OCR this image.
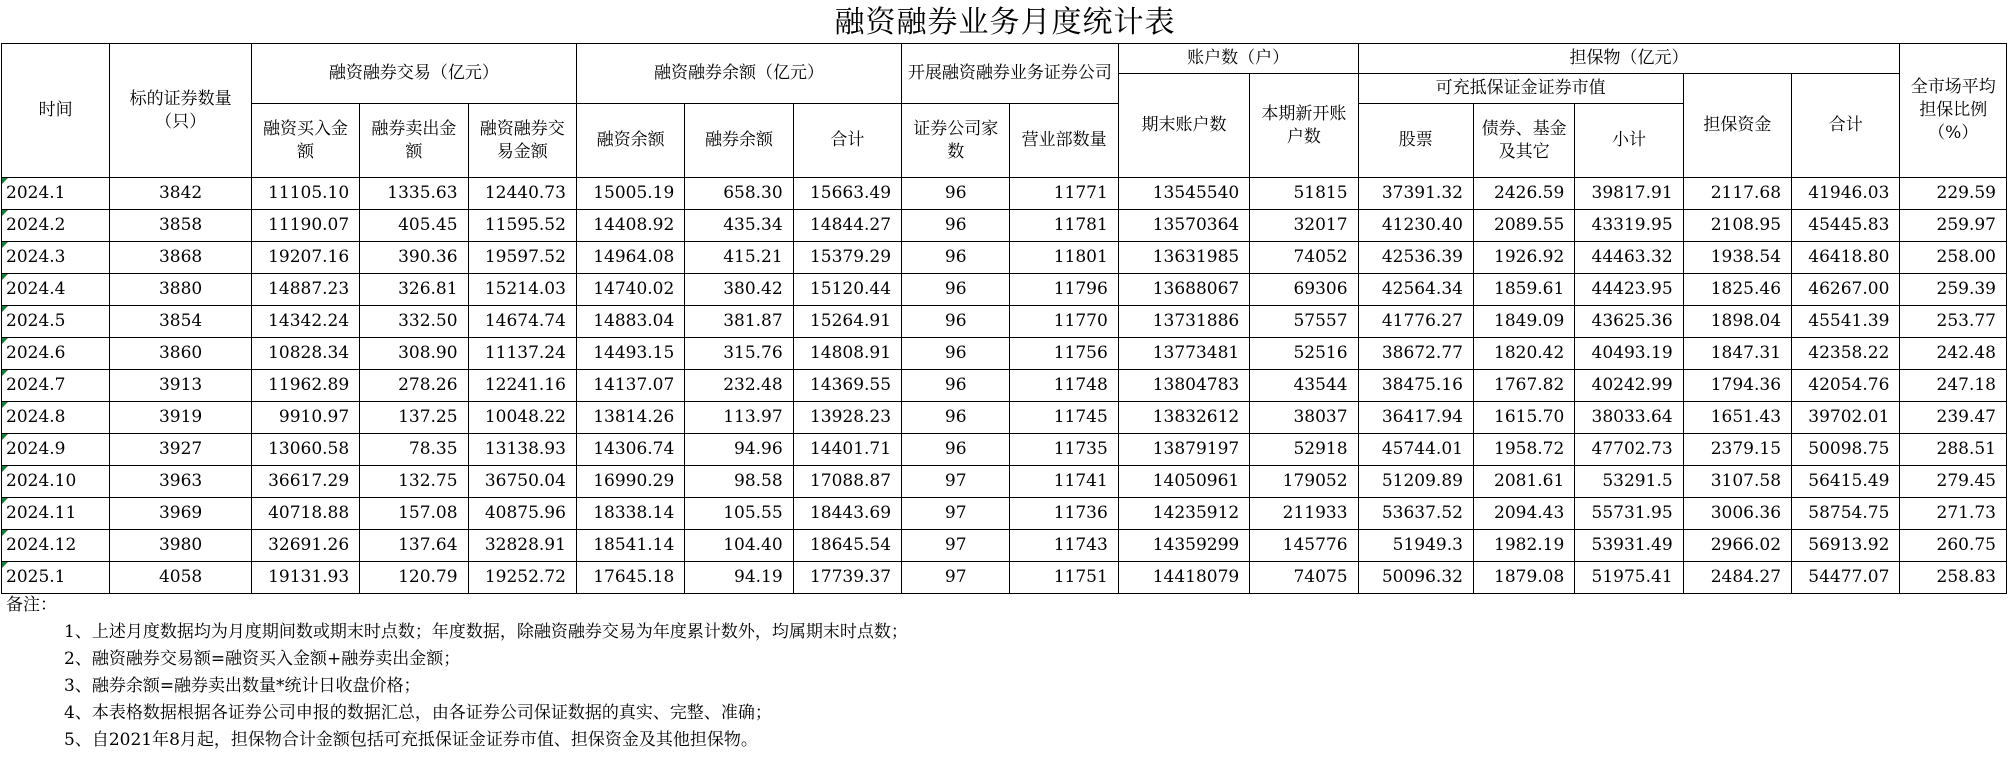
融资融券业务月度统计表
时间	标的证券数量（只）	融资融券交易（亿元）			融资融券余额（亿元）			开展融资融券业务证券公司		账户数（户）		担保物（亿元）					全市场平均担保比例（%）
										期末账户数	本期新开账户数	可充抵保证金证券市值			担保资金	合计	
		融资买入金额	融券卖出金额	融资融券交易金额	融资余额	融券余额	合计	证券公司家数	营业部数量			股票	债券、基金及其它	小计			
2024.1	3842	11105.10	1335.63	12440.73	15005.19	658.30	15663.49	96	11771	13545540	51815	37391.32	2426.59	39817.91	2117.68	41946.03	229.59
2024.2	3858	11190.07	405.45	11595.52	14408.92	435.34	14844.27	96	11781	13570364	32017	41230.40	2089.55	43319.95	2108.95	45445.83	259.97
2024.3	3868	19207.16	390.36	19597.52	14964.08	415.21	15379.29	96	11801	13631985	74052	42536.39	1926.92	44463.32	1938.54	46418.80	258.00
2024.4	3880	14887.23	326.81	15214.03	14740.02	380.42	15120.44	96	11796	13688067	69306	42564.34	1859.61	44423.95	1825.46	46267.00	259.39
2024.5	3854	14342.24	332.50	14674.74	14883.04	381.87	15264.91	96	11770	13731886	57557	41776.27	1849.09	43625.36	1898.04	45541.39	253.77
2024.6	3860	10828.34	308.90	11137.24	14493.15	315.76	14808.91	96	11756	13773481	52516	38672.77	1820.42	40493.19	1847.31	42358.22	242.48
2024.7	3913	11962.89	278.26	12241.16	14137.07	232.48	14369.55	96	11748	13804783	43544	38475.16	1767.82	40242.99	1794.36	42054.76	247.18
2024.8	3919	9910.97	137.25	10048.22	13814.26	113.97	13928.23	96	11745	13832612	38037	36417.94	1615.70	38033.64	1651.43	39702.01	239.47
2024.9	3927	13060.58	78.35	13138.93	14306.74	94.96	14401.71	96	11735	13879197	52918	45744.01	1958.72	47702.73	2379.15	50098.75	288.51
2024.10	3963	36617.29	132.75	36750.04	16990.29	98.58	17088.87	97	11741	14050961	179052	51209.89	2081.61	53291.5	3107.58	56415.49	279.45
2024.11	3969	40718.88	157.08	40875.96	18338.14	105.55	18443.69	97	11736	14235912	211933	53637.52	2094.43	55731.95	3006.36	58754.75	271.73
2024.12	3980	32691.26	137.64	32828.91	18541.14	104.40	18645.54	97	11743	14359299	145776	51949.3	1982.19	53931.49	2966.02	56913.92	260.75
2025.1	4058	19131.93	120.79	19252.72	17645.18	94.19	17739.37	97	11751	14418079	74075	50096.32	1879.08	51975.41	2484.27	54477.07	258.83
备注：
1、上述月度数据均为月度期间数或期末时点数；年度数据，除融资融券交易为年度累计数外，均属期末时点数；
2、融资融券交易额=融资买入金额+融券卖出金额；
3、融券余额=融券卖出数量*统计日收盘价格；
4、本表格数据根据各证券公司申报的数据汇总，由各证券公司保证数据的真实、完整、准确；
5、自2021年8月起，担保物合计金额包括可充抵保证金证券市值、担保资金及其他担保物。
